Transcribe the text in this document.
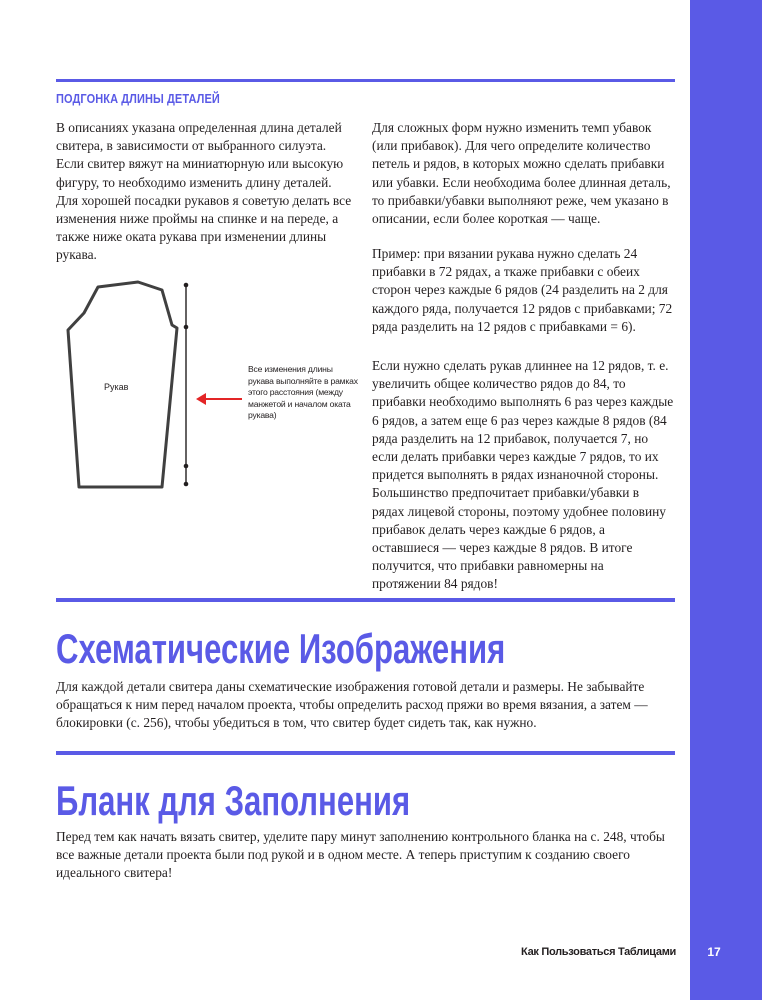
ПОДГОНКА ДЛИНЫ ДЕТАЛЕЙ

В описаниях указана определенная длина деталей свитера, в зависимости от выбранного силуэта. Если свитер вяжут на миниатюрную или высокую фигуру, то необходимо изменить длину деталей. Для хорошей посадки рукавов я советую делать все изменения ниже проймы на спинке и на переде, а также ниже оката рукава при изменении длины рукава.

Для сложных форм нужно изменить темп убавок (или прибавок). Для чего определите количество петель и рядов, в которых можно сделать прибавки или убавки. Если необходима более длинная деталь, то прибавки/убавки выполняют реже, чем указано в описании, если более короткая — чаще.

Пример: при вязании рукава нужно сделать 24 прибавки в 72 рядах, а ткаже прибавки с обеих сторон через каждые 6 рядов (24 разделить на 2 для каждого ряда, получается 12 рядов с прибавками; 72 ряда разделить на 12 рядов с прибавками = 6).

Если нужно сделать рукав длиннее на 12 рядов, т. е. увеличить общее количество рядов до 84, то прибавки необходимо выполнять 6 раз через каждые 6 рядов, а затем еще 6 раз через каждые 8 рядов (84 ряда разделить на 12 прибавок, получается 7, но если делать прибавки через каждые 7 рядов, то их придется выполнять в рядах изнаночной стороны. Большинство предпочитает прибавки/убавки в рядах лицевой стороны, поэтому удобнее половину прибавок делать через каждые 6 рядов, а оставшиеся — через каждые 8 рядов. В итоге получится, что прибавки равномерны на протяжении 84 рядов!

Рукав

Все изменения длины рукава выполняйте в рамках этого расстояния (между манжетой и началом оката рукава)

Схематические Изображения

Для каждой детали свитера даны схематические изображения готовой детали и размеры. Не забывайте обращаться к ним перед началом проекта, чтобы определить расход пряжи во время вязания, а затем — блокировки (с. 256), чтобы убедиться в том, что свитер будет сидеть так, как нужно.

Бланк для Заполнения

Перед тем как начать вязать свитер, уделите пару минут заполнению контрольного бланка на с. 248, чтобы все важные детали проекта были под рукой и в одном месте. А теперь приступим к созданию своего идеального свитера!

Как Пользоваться Таблицами	17
